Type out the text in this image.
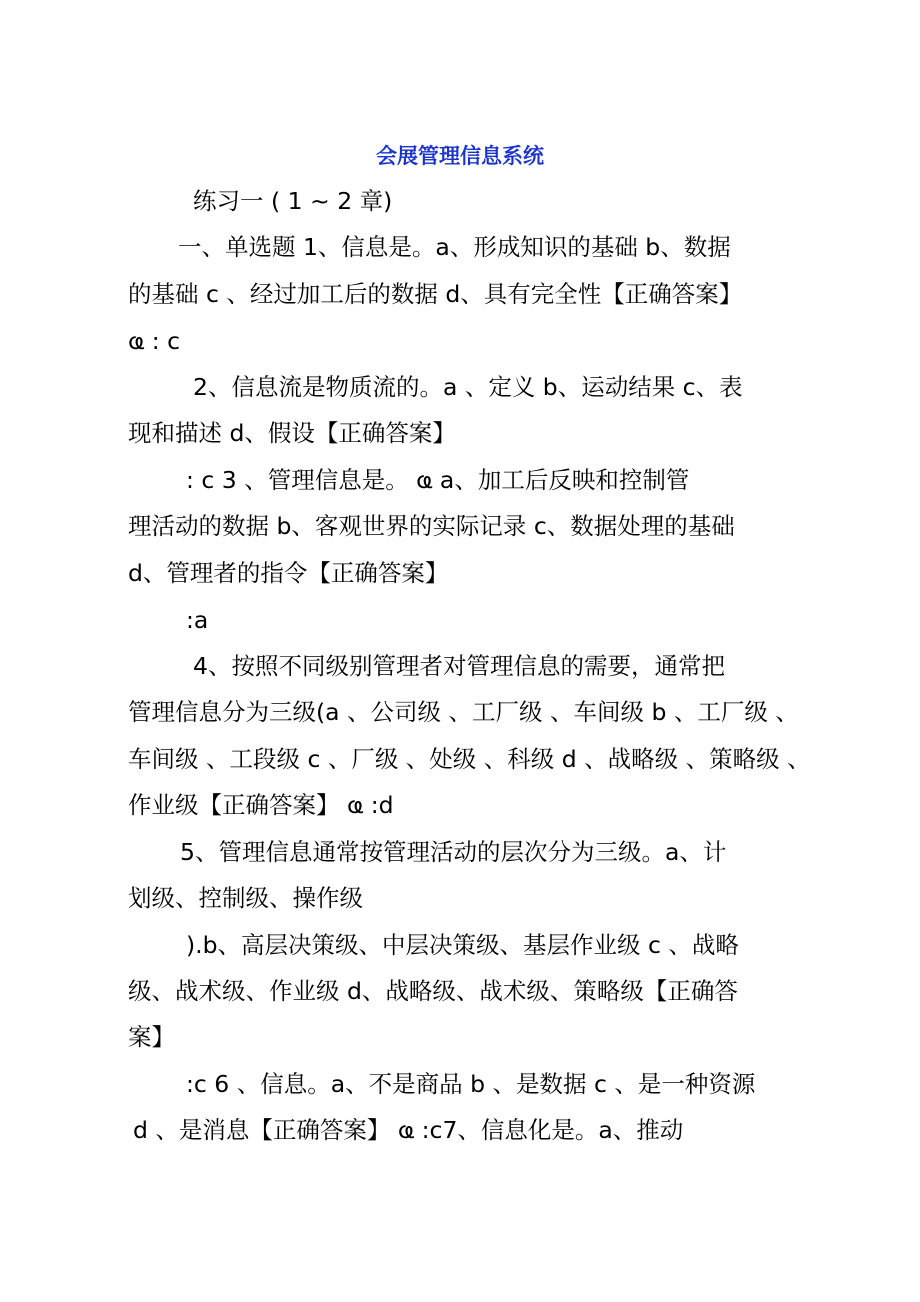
会展管理信息系统
练习一 ( 1 ~ 2 章)
一、单选题 1、信息是。a、形成知识的基础 b、数据
的基础 c 、经过加工后的数据 d、具有完全性【正确答案】
ҩ : c
2、信息流是物质流的。a 、定义 b、运动结果 c、表
现和描述 d、假设【正确答案】
: c 3 、管理信息是。 ҩ a、加工后反映和控制管
理活动的数据 b、客观世界的实际记录 c、数据处理的基础
d、管理者的指令【正确答案】
:a
4、按照不同级别管理者对管理信息的需要，通常把
管理信息分为三级(a 、公司级 、工厂级 、车间级 b 、工厂级 、
车间级 、工段级 c 、厂级 、处级 、科级 d 、战略级 、策略级 、
作业级【正确答案】 ҩ :d
5、管理信息通常按管理活动的层次分为三级。a、计
划级、控制级、操作级
).b、高层决策级、中层决策级、基层作业级 c 、战略
级、战术级、作业级 d、战略级、战术级、策略级【正确答
案】
:c 6 、信息。a、不是商品 b 、是数据 c 、是一种资源
d 、是消息【正确答案】 ҩ :c7、信息化是。a、推动
